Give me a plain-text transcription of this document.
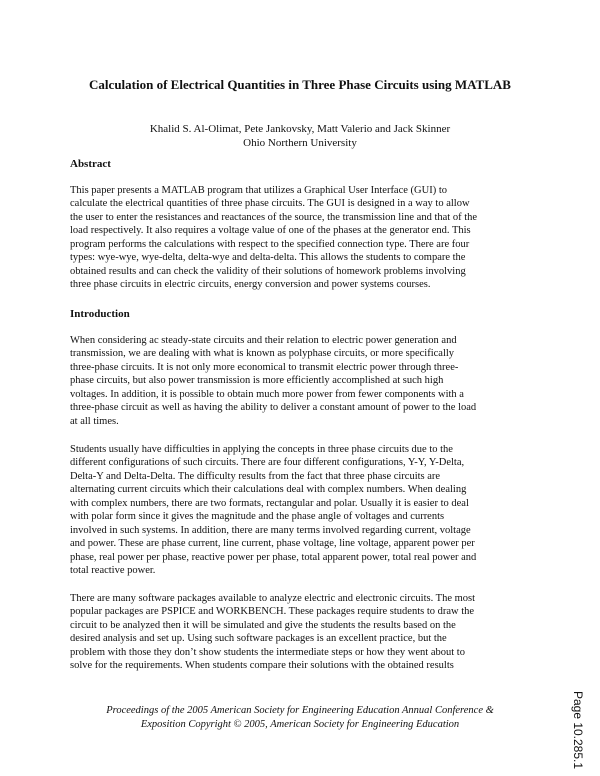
Calculation of Electrical Quantities in Three Phase Circuits using MATLAB
Khalid S. Al-Olimat, Pete Jankovsky, Matt Valerio and Jack Skinner
Ohio Northern University
Abstract
This paper presents a MATLAB program that utilizes a Graphical User Interface (GUI) to
calculate the electrical quantities of three phase circuits. The GUI is designed in a way to allow
the user to enter the resistances and reactances of the source, the transmission line and that of the
load respectively. It also requires a voltage value of one of the phases at the generator end. This
program performs the calculations with respect to the specified connection type. There are four
types: wye-wye, wye-delta, delta-wye and delta-delta. This allows the students to compare the
obtained results and can check the validity of their solutions of homework problems involving
three phase circuits in electric circuits, energy conversion and power systems courses.
Introduction
When considering ac steady-state circuits and their relation to electric power generation and
transmission, we are dealing with what is known as polyphase circuits, or more specifically
three-phase circuits. It is not only more economical to transmit electric power through three-
phase circuits, but also power transmission is more efficiently accomplished at such high
voltages. In addition, it is possible to obtain much more power from fewer components with a
three-phase circuit as well as having the ability to deliver a constant amount of power to the load
at all times.
Students usually have difficulties in applying the concepts in three phase circuits due to the
different configurations of such circuits. There are four different configurations, Y-Y, Y-Delta,
Delta-Y and Delta-Delta. The difficulty results from the fact that three phase circuits are
alternating current circuits which their calculations deal with complex numbers. When dealing
with complex numbers, there are two formats, rectangular and polar. Usually it is easier to deal
with polar form since it gives the magnitude and the phase angle of voltages and currents
involved in such systems. In addition, there are many terms involved regarding current, voltage
and power. These are phase current, line current, phase voltage, line voltage, apparent power per
phase, real power per phase, reactive power per phase, total apparent power, total real power and
total reactive power.
There are many software packages available to analyze electric and electronic circuits. The most
popular packages are PSPICE and WORKBENCH. These packages require students to draw the
circuit to be analyzed then it will be simulated and give the students the results based on the
desired analysis and set up. Using such software packages is an excellent practice, but the
problem with those they don’t show students the intermediate steps or how they went about to
solve for the requirements. When students compare their solutions with the obtained results
Proceedings of the 2005 American Society for Engineering Education Annual Conference &
Exposition Copyright © 2005, American Society for Engineering Education	Page 10.285.1
